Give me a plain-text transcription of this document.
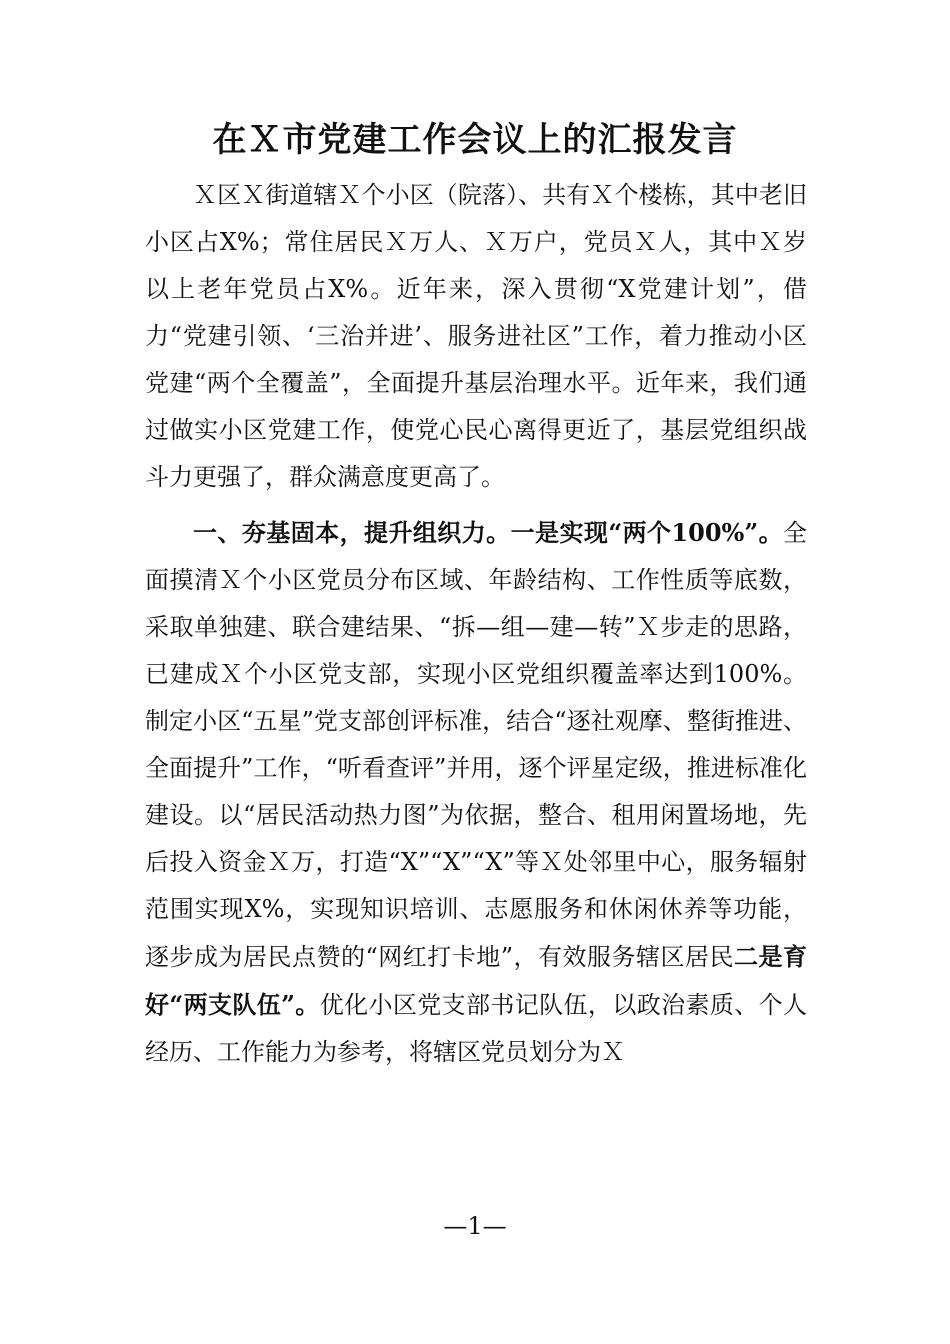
在Ｘ市党建工作会议上的汇报发言

Ｘ区Ｘ街道辖Ｘ个小区（院落）、共有Ｘ个楼栋，其中老旧小区占X%；常住居民Ｘ万人、Ｘ万户，党员Ｘ人，其中Ｘ岁以上老年党员占X%。近年来，深入贯彻“X党建计划”，借力“党建引领、‘三治并进’、服务进社区”工作，着力推动小区党建“两个全覆盖”，全面提升基层治理水平。近年来，我们通过做实小区党建工作，使党心民心离得更近了，基层党组织战斗力更强了，群众满意度更高了。

一、夯基固本，提升组织力。一是实现“两个100%”。全面摸清Ｘ个小区党员分布区域、年龄结构、工作性质等底数，采取单独建、联合建结果、“拆—组—建—转”Ｘ步走的思路，已建成Ｘ个小区党支部，实现小区党组织覆盖率达到100%。制定小区“五星”党支部创评标准，结合“逐社观摩、整街推进、全面提升”工作，“听看查评”并用，逐个评星定级，推进标准化建设。以“居民活动热力图”为依据，整合、租用闲置场地，先后投入资金Ｘ万，打造“X”“X”“X”等Ｘ处邻里中心，服务辐射范围实现X%，实现知识培训、志愿服务和休闲休养等功能，逐步成为居民点赞的“网红打卡地”，有效服务辖区居民二是育好“两支队伍”。优化小区党支部书记队伍，以政治素质、个人经历、工作能力为参考，将辖区党员划分为Ｘ

—1—
